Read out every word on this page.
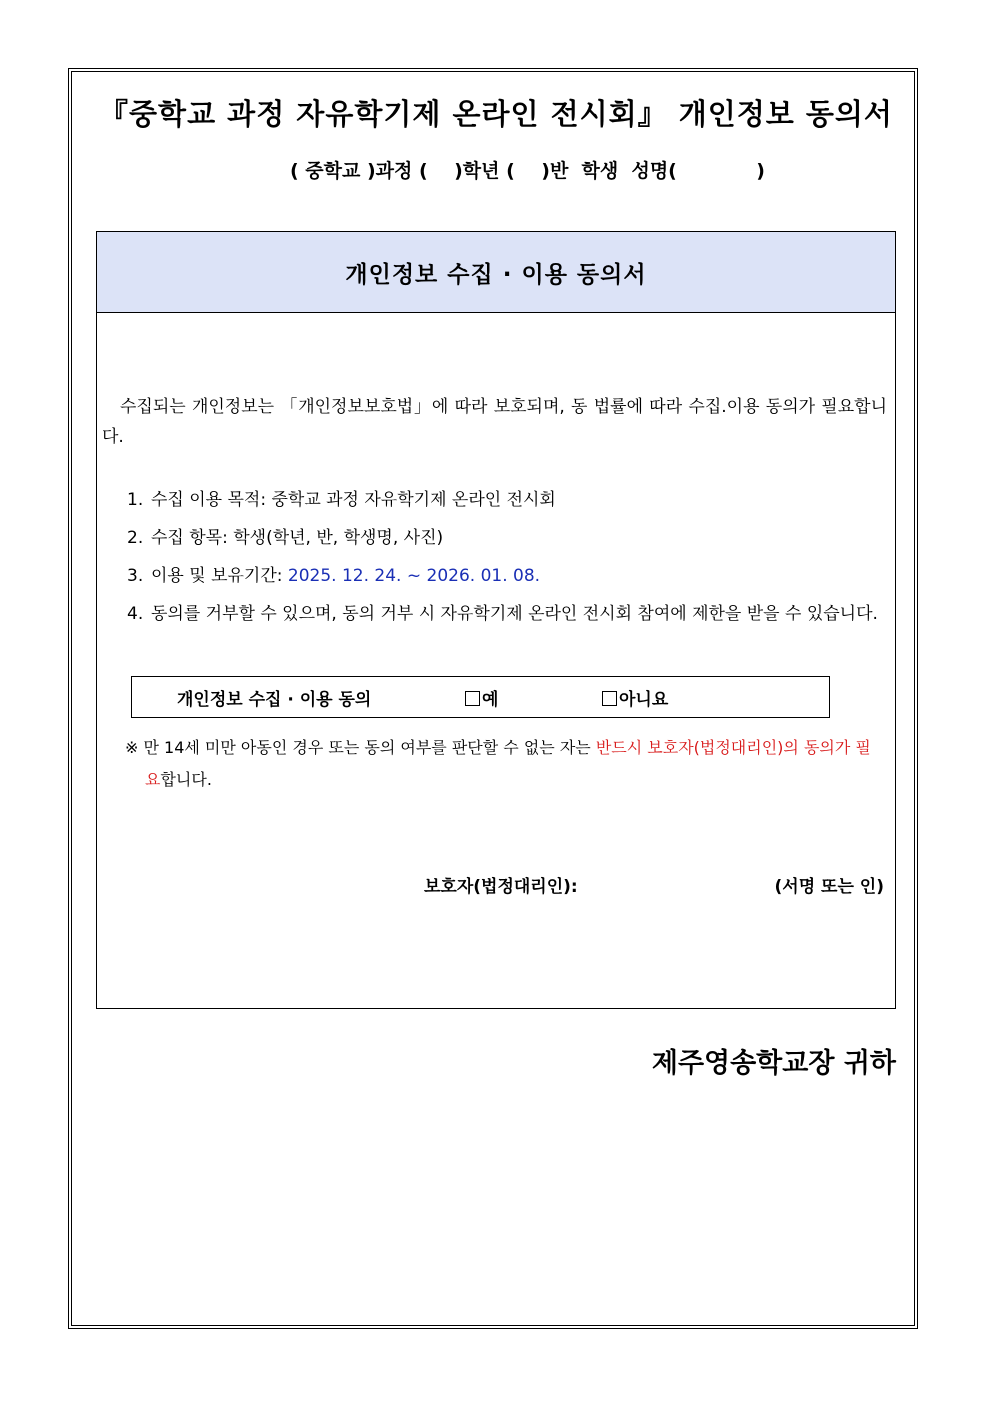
『중학교 과정 자유학기제 온라인 전시회』 개인정보 동의서
( 중학교 )과정 (    )학년 (    )반  학생  성명(            )
개인정보 수집 · 이용 동의서
수집되는 개인정보는 「개인정보보호법」에 따라 보호되며, 동 법률에 따라 수집.이용 동의가 필요합니다.
1. 수집 이용 목적: 중학교 과정 자유학기제 온라인 전시회
2. 수집 항목: 학생(학년, 반, 학생명, 사진)
3. 이용 및 보유기간: 2025. 12. 24. ~ 2026. 01. 08.
4. 동의를 거부할 수 있으며, 동의 거부 시 자유학기제 온라인 전시회 참여에 제한을 받을 수 있습니다.
개인정보 수집 · 이용 동의	예	아니요
※ 만 14세 미만 아동인 경우 또는 동의 여부를 판단할 수 없는 자는 반드시 보호자(법정대리인)의 동의가 필요합니다.
보호자(법정대리인):	(서명 또는 인)
제주영송학교장 귀하
